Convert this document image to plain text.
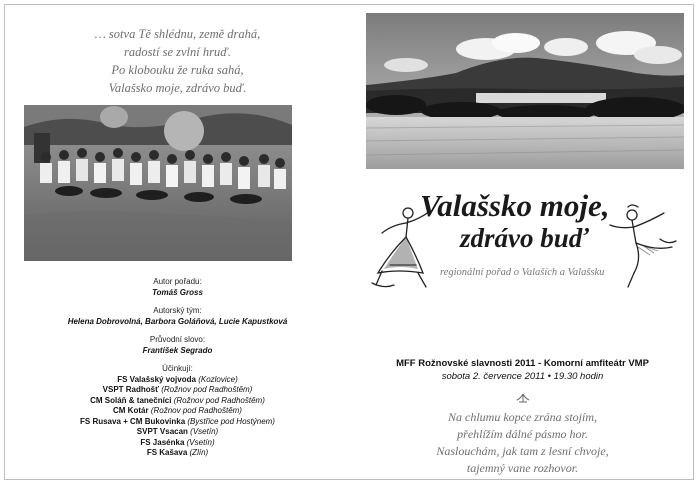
… sotva Tě shlédnu, země drahá,
radostí se zvlní hruď.
Po klobouku že ruka sahá,
Valašsko moje, zdrávo buď.
Autor pořadu:
Tomáš Gross
Autorský tým:
Helena Dobrovolná, Barbora Goláňová, Lucie Kapustková
Průvodní slovo:
František Segrado
Účinkují:
FS Valašský vojvoda (Kozlovice)
VSPT Radhošť (Rožnov pod Radhoštěm)
CM Soláň & tanečníci (Rožnov pod Radhoštěm)
CM Kotár (Rožnov pod Radhoštěm)
FS Rusava + CM Bukovinka (Bystřice pod Hostýnem)
SVPT Vsacan (Vsetín)
FS Jasénka (Vsetín)
FS Kašava (Zlín)
Valašsko moje,
zdrávo buď
regionální pořad o Valaších a Valašsku
MFF Rožnovské slavnosti 2011 - Komorní amfiteátr VMP
sobota 2. července 2011 • 19.30 hodin
Na chlumu kopce zrána stojím,
přehlížím dálné pásmo hor.
Naslouchám, jak tam z lesní chvoje,
tajemný vane rozhovor.
